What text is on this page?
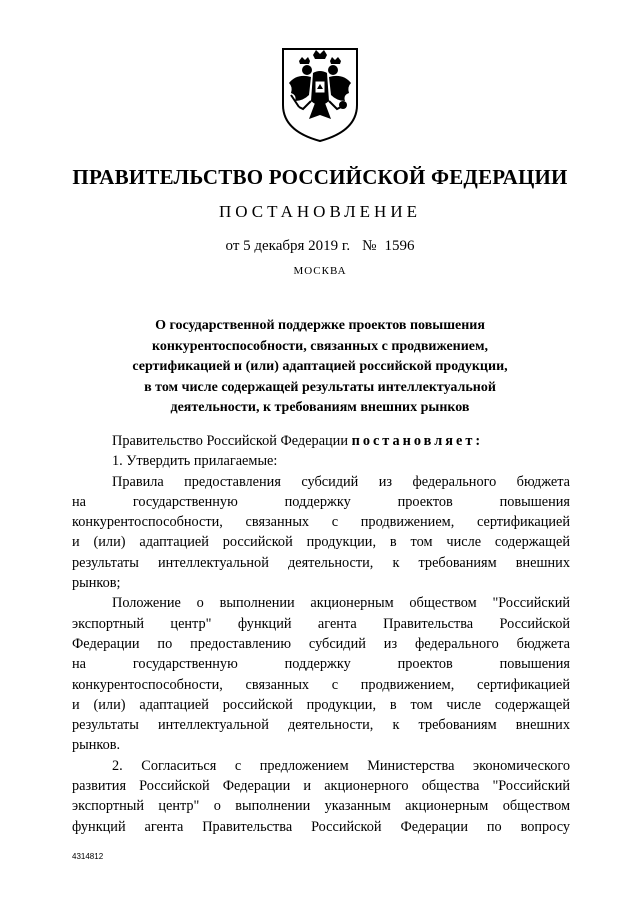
ПРАВИТЕЛЬСТВО РОССИЙСКОЙ ФЕДЕРАЦИИ
ПОСТАНОВЛЕНИЕ
от 5 декабря 2019 г. № 1596
МОСКВА
О государственной поддержке проектов повышения
конкурентоспособности, связанных с продвижением,
сертификацией и (или) адаптацией российской продукции,
в том числе содержащей результаты интеллектуальной
деятельности, к требованиям внешних рынков

Правительство Российской Федерации постановляет:

1. Утвердить прилагаемые:

Правила предоставления субсидий из федерального бюджета
на государственную поддержку проектов повышения
конкурентоспособности, связанных с продвижением, сертификацией
и (или) адаптацией российской продукции, в том числе содержащей
результаты интеллектуальной деятельности, к требованиям внешних
рынков;

Положение о выполнении акционерным обществом "Российский
экспортный центр" функций агента Правительства Российской
Федерации по предоставлению субсидий из федерального бюджета
на государственную поддержку проектов повышения
конкурентоспособности, связанных с продвижением, сертификацией
и (или) адаптацией российской продукции, в том числе содержащей
результаты интеллектуальной деятельности, к требованиям внешних
рынков.

2. Согласиться с предложением Министерства экономического
развития Российской Федерации и акционерного общества "Российский
экспортный центр" о выполнении указанным акционерным обществом
функций агента Правительства Российской Федерации по вопросу

4314812
